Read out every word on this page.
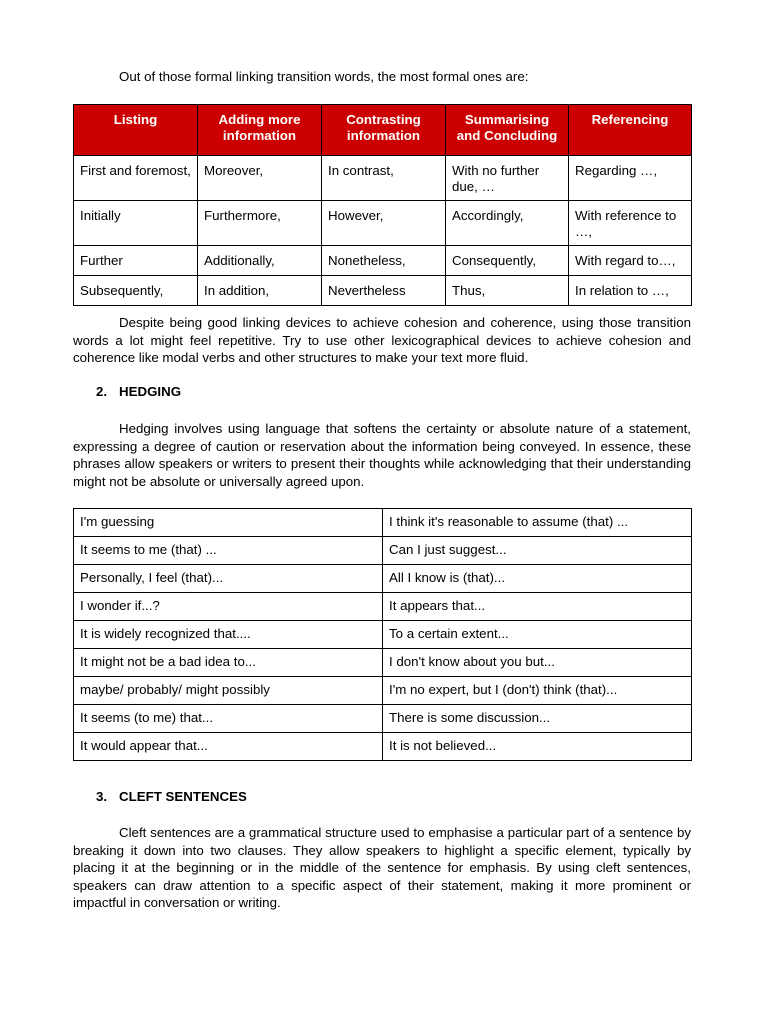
Out of those formal linking transition words, the most formal ones are:
Listing	Adding more information	Contrasting information	Summarising and Concluding	Referencing
First and foremost,	Moreover,	In contrast,	With no further due, …	Regarding …,
Initially	Furthermore,	However,	Accordingly,	With reference to …,
Further	Additionally,	Nonetheless,	Consequently,	With regard to…,
Subsequently,	In addition,	Nevertheless	Thus,	In relation to …,
Despite being good linking devices to achieve cohesion and coherence, using those transition words a lot might feel repetitive. Try to use other lexicographical devices to achieve cohesion and coherence like modal verbs and other structures to make your text more fluid.
2. HEDGING
Hedging involves using language that softens the certainty or absolute nature of a statement, expressing a degree of caution or reservation about the information being conveyed. In essence, these phrases allow speakers or writers to present their thoughts while acknowledging that their understanding might not be absolute or universally agreed upon.
I'm guessing	I think it's reasonable to assume (that) ...
It seems to me (that) ...	Can I just suggest...
Personally, I feel (that)...	All I know is (that)...
I wonder if...?	It appears that...
It is widely recognized that....	To a certain extent...
It might not be a bad idea to...	I don't know about you but...
maybe/ probably/ might possibly	I'm no expert, but I (don't) think (that)...
It seems (to me) that...	There is some discussion...
It would appear that...	It is not believed...
3. CLEFT SENTENCES
Cleft sentences are a grammatical structure used to emphasise a particular part of a sentence by breaking it down into two clauses. They allow speakers to highlight a specific element, typically by placing it at the beginning or in the middle of the sentence for emphasis. By using cleft sentences, speakers can draw attention to a specific aspect of their statement, making it more prominent or impactful in conversation or writing.
